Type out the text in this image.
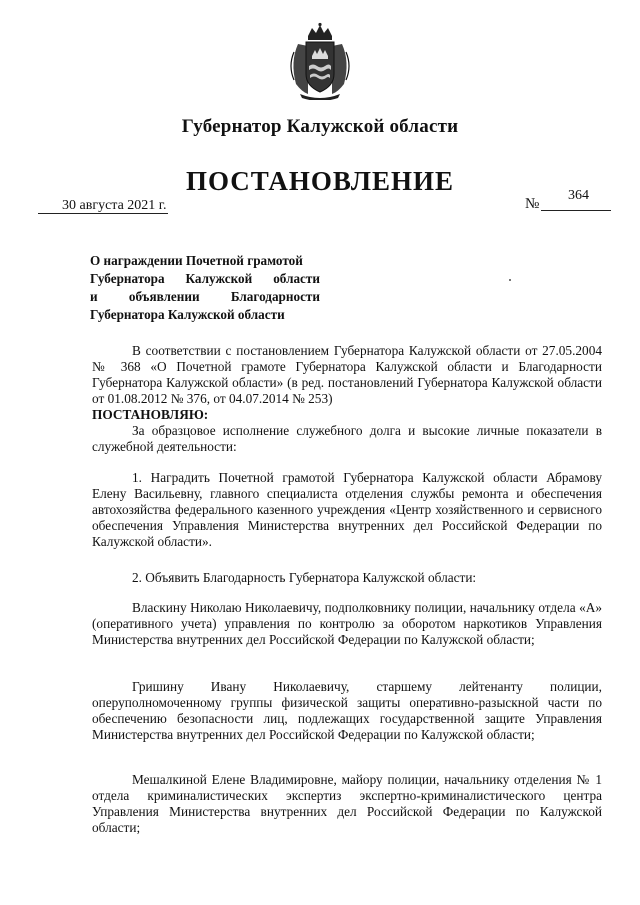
Губернатор Калужской области
ПОСТАНОВЛЕНИЕ
30 августа 2021 г.	№
364
О награждении Почетной грамотой
Губернатора Калужской области
и объявлении Благодарности
Губернатора Калужской области

В соответствии с постановлением Губернатора Калужской области от 27.05.2004 № 368 «О Почетной грамоте Губернатора Калужской области и Благодарности Губернатора Калужской области» (в ред. постановлений Губернатора Калужской области от 01.08.2012 № 376, от 04.07.2014 № 253)

ПОСТАНОВЛЯЮ:

За образцовое исполнение служебного долга и высокие личные показатели в служебной деятельности:

1. Наградить Почетной грамотой Губернатора Калужской области Абрамову Елену Васильевну, главного специалиста отделения службы ремонта и обеспечения автохозяйства федерального казенного учреждения «Центр хозяйственного и сервисного обеспечения Управления Министерства внутренних дел Российской Федерации по Калужской области».

2. Объявить Благодарность Губернатора Калужской области:

Влаcкину Николаю Николаевичу, подполковнику полиции, начальнику отдела «А» (оперативного учета) управления по контролю за оборотом наркотиков Управления Министерства внутренних дел Российской Федерации по Калужской области;

Гришину Ивану Николаевичу, старшему лейтенанту полиции, оперуполномоченному группы физической защиты оперативно-разыскной части по обеспечению безопасности лиц, подлежащих государственной защите Управления Министерства внутренних дел Российской Федерации по Калужской области;

Мешалкиной Елене Владимировне, майору полиции, начальнику отделения № 1 отдела криминалистических экспертиз экспертно-криминалистического центра Управления Министерства внутренних дел Российской Федерации по Калужской области;
